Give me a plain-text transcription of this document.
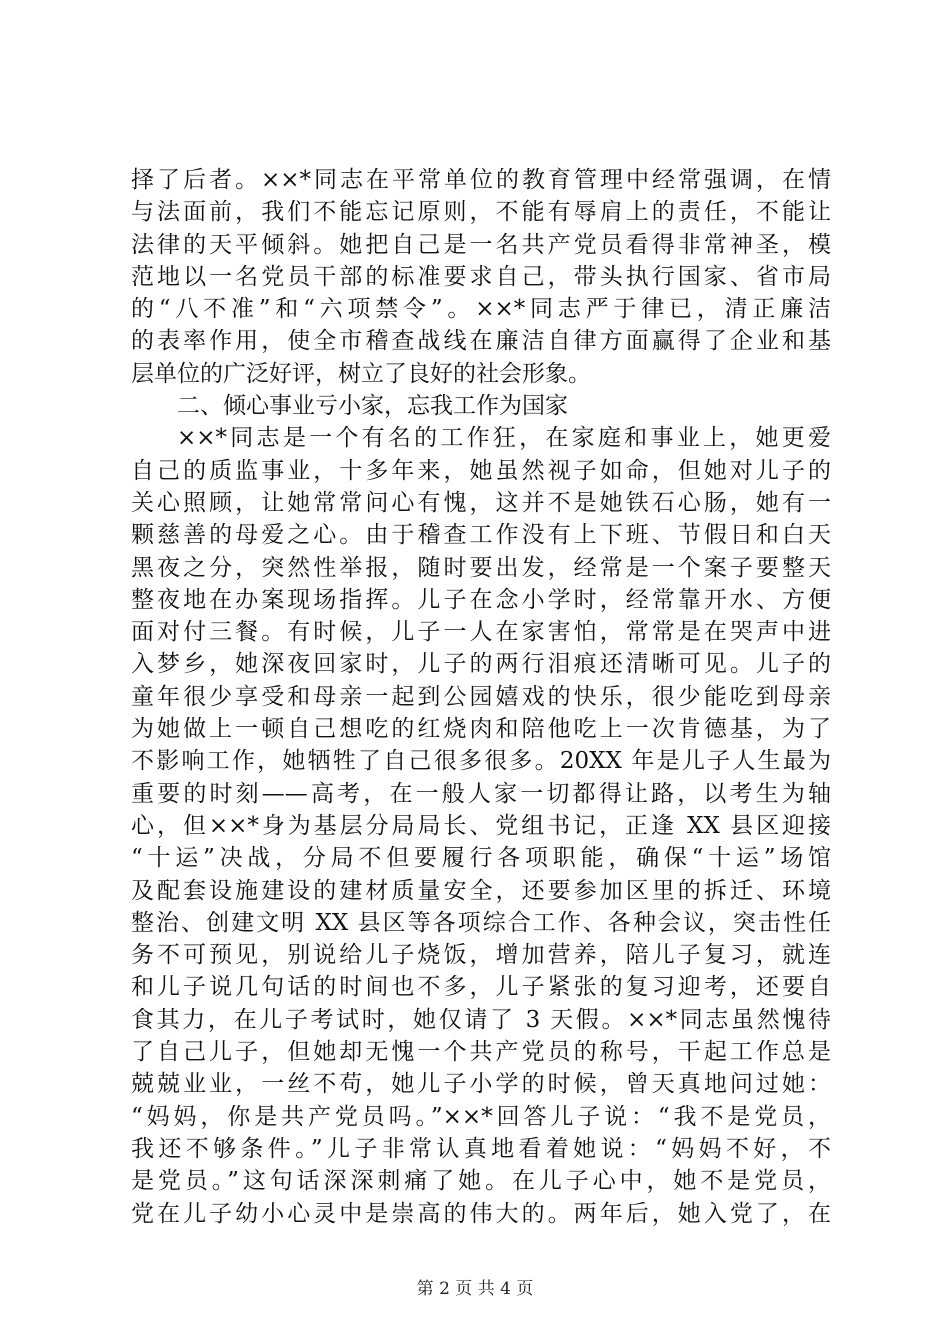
择了后者。××*同志在平常单位的教育管理中经常强调，在情
与法面前，我们不能忘记原则，不能有辱肩上的责任，不能让
法律的天平倾斜。她把自己是一名共产党员看得非常神圣，模
范地以一名党员干部的标准要求自己，带头执行国家、省市局
的“八不准”和“六项禁令”。××*同志严于律已，清正廉洁
的表率作用，使全市稽查战线在廉洁自律方面赢得了企业和基
层单位的广泛好评，树立了良好的社会形象。
二、倾心事业亏小家，忘我工作为国家
××*同志是一个有名的工作狂，在家庭和事业上，她更爱
自己的质监事业，十多年来，她虽然视子如命，但她对儿子的
关心照顾，让她常常问心有愧，这并不是她铁石心肠，她有一
颗慈善的母爱之心。由于稽查工作没有上下班、节假日和白天
黑夜之分，突然性举报，随时要出发，经常是一个案子要整天
整夜地在办案现场指挥。儿子在念小学时，经常靠开水、方便
面对付三餐。有时候，儿子一人在家害怕，常常是在哭声中进
入梦乡，她深夜回家时，儿子的两行泪痕还清晰可见。儿子的
童年很少享受和母亲一起到公园嬉戏的快乐，很少能吃到母亲
为她做上一顿自己想吃的红烧肉和陪他吃上一次肯德基，为了
不影响工作，她牺牲了自己很多很多。20XX 年是儿子人生最为
重要的时刻——高考，在一般人家一切都得让路，以考生为轴
心，但××*身为基层分局局长、党组书记，正逢 XX 县区迎接
“十运”决战，分局不但要履行各项职能，确保“十运”场馆
及配套设施建设的建材质量安全，还要参加区里的拆迁、环境
整治、创建文明 XX 县区等各项综合工作、各种会议，突击性任
务不可预见，别说给儿子烧饭，增加营养，陪儿子复习，就连
和儿子说几句话的时间也不多，儿子紧张的复习迎考，还要自
食其力，在儿子考试时，她仅请了 3 天假。××*同志虽然愧待
了自己儿子，但她却无愧一个共产党员的称号，干起工作总是
兢兢业业，一丝不苟，她儿子小学的时候，曾天真地问过她：
“妈妈，你是共产党员吗。”××*回答儿子说：“我不是党员，
我还不够条件。”儿子非常认真地看着她说：“妈妈不好，不
是党员。”这句话深深刺痛了她。在儿子心中，她不是党员，
党在儿子幼小心灵中是崇高的伟大的。两年后，她入党了，在
第 2 页 共 4 页
